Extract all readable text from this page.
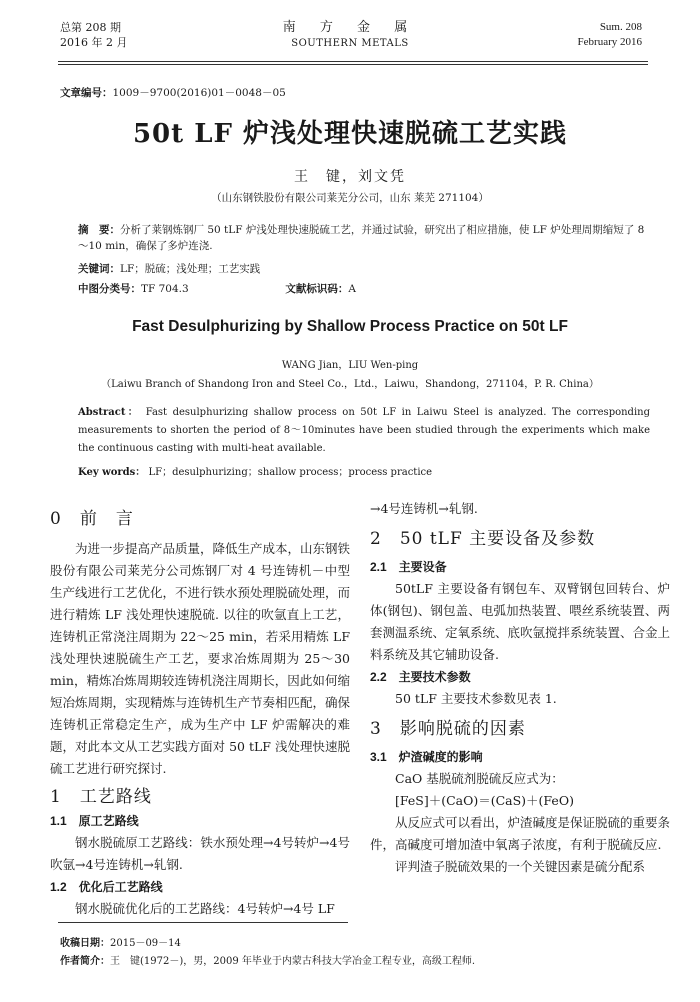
总第 208 期
2016 年 2 月
南 方 金 属
SOUTHERN METALS
Sum. 208
February 2016
文章编号：1009－9700(2016)01－0048－05
50t LF 炉浅处理快速脱硫工艺实践
王　键，刘文凭
（山东钢铁股份有限公司莱芜分公司，山东 莱芜 271104）
摘　要：分析了莱钢炼钢厂 50 tLF 炉浅处理快速脱硫工艺，并通过试验，研究出了相应措施，使 LF 炉处理周期缩短了 8～10 min，确保了多炉连浇.
关键词：LF；脱硫；浅处理；工艺实践
中图分类号：TF 704.3	文献标识码：A
Fast Desulphurizing by Shallow Process Practice on 50t LF
WANG Jian，LIU Wen-ping
（Laiwu Branch of Shandong Iron and Steel Co.，Ltd.，Laiwu，Shandong，271104，P. R. China）
Abstract： Fast desulphurizing shallow process on 50t LF in Laiwu Steel is analyzed. The corresponding measurements to shorten the period of 8～10minutes have been studied through the experiments which make the continuous casting with multi-heat available.
Key words： LF；desulphurizing；shallow process；process practice
0　前　言
为进一步提高产品质量，降低生产成本，山东钢铁股份有限公司莱芜分公司炼钢厂对 4 号连铸机－中型生产线进行工艺优化，不进行铁水预处理脱硫处理，而进行精炼 LF 浅处理快速脱硫. 以往的吹氩直上工艺，连铸机正常浇注周期为 22～25 min，若采用精炼 LF 浅处理快速脱硫生产工艺，要求冶炼周期为 25～30 min，精炼冶炼周期较连铸机浇注周期长，因此如何缩短冶炼周期，实现精炼与连铸机生产节奏相匹配，确保连铸机正常稳定生产，成为生产中 LF 炉需解决的难题，对此本文从工艺实践方面对 50 tLF 浅处理快速脱硫工艺进行研究探讨.
1　工艺路线
1.1　原工艺路线
钢水脱硫原工艺路线：铁水预处理→4号转炉→4号吹氩→4号连铸机→轧钢.
1.2　优化后工艺路线
钢水脱硫优化后的工艺路线：4号转炉→4号 LF
→4号连铸机→轧钢.
2　50 tLF 主要设备及参数
2.1　主要设备
50tLF 主要设备有钢包车、双臂钢包回转台、炉体(钢包)、钢包盖、电弧加热装置、喂丝系统装置、两套测温系统、定氧系统、底吹氩搅拌系统装置、合金上料系统及其它辅助设备.
2.2　主要技术参数
50 tLF 主要技术参数见表 1.
3　影响脱硫的因素
3.1　炉渣碱度的影响
CaO 基脱硫剂脱硫反应式为：
[FeS]＋(CaO)＝(CaS)＋(FeO)
从反应式可以看出，炉渣碱度是保证脱硫的重要条件，高碱度可增加渣中氧离子浓度，有利于脱硫反应.
评判渣子脱硫效果的一个关键因素是硫分配系
收稿日期：2015－09－14
作者简介：王　键(1972－)，男，2009 年毕业于内蒙古科技大学冶金工程专业，高级工程师.
